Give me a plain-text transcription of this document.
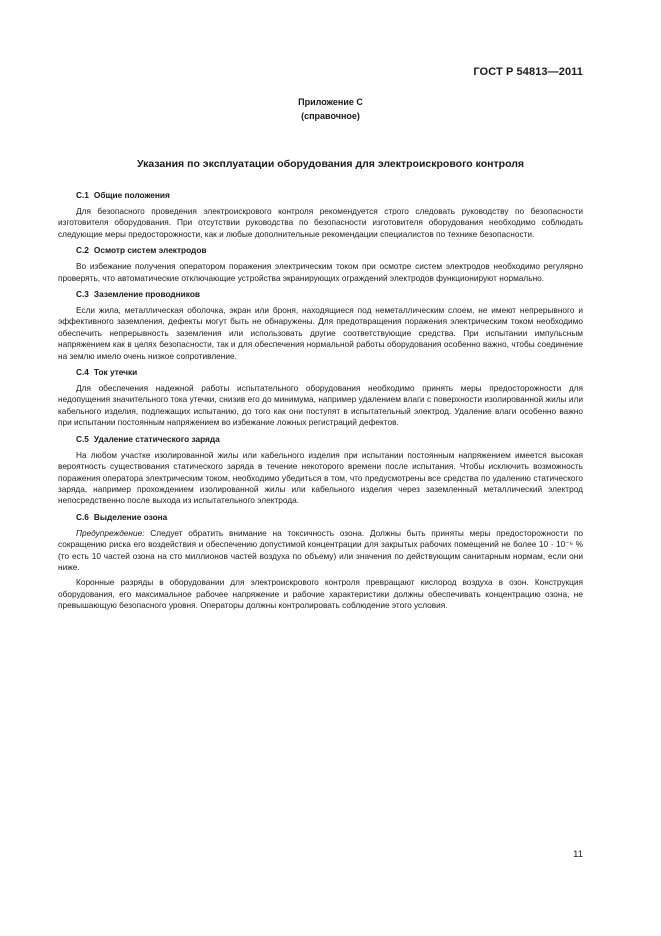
ГОСТ Р 54813—2011
Приложение С
(справочное)
Указания по эксплуатации оборудования для электроискрового контроля
С.1 Общие положения

Для безопасного проведения электроискрового контроля рекомендуется строго следовать руководству по безопасности изготовителя оборудования. При отсутствии руководства по безопасности изготовителя оборудования необходимо соблюдать следующие меры предосторожности, как и любые дополнительные рекомендации специалистов по технике безопасности.

С.2 Осмотр систем электродов

Во избежание получения оператором поражения электрическим током при осмотре систем электродов необходимо регулярно проверять, что автоматические отключающие устройства экранирующих ограждений электродов функционируют нормально.

С.3 Заземление проводников

Если жила, металлическая оболочка, экран или броня, находящиеся под неметаллическим слоем, не имеют непрерывного и эффективного заземления, дефекты могут быть не обнаружены. Для предотвращения поражения электрическим током необходимо обеспечить непрерывность заземления или использовать другие соответствующие средства. При испытании импульсным напряжением как в целях безопасности, так и для обеспечения нормальной работы оборудования особенно важно, чтобы соединение на землю имело очень низкое сопротивление.

С.4 Ток утечки

Для обеспечения надежной работы испытательного оборудования необходимо принять меры предосторожности для недопущения значительного тока утечки, снизив его до минимума, например удалением влаги с поверхности изолированной жилы или кабельного изделия, подлежащих испытанию, до того как они поступят в испытательный электрод. Удаление влаги особенно важно при испытании постоянным напряжением во избежание ложных регистраций дефектов.

С.5 Удаление статического заряда

На любом участке изолированной жилы или кабельного изделия при испытании постоянным напряжением имеется высокая вероятность существования статического заряда в течение некоторого времени после испытания. Чтобы исключить возможность поражения оператора электрическим током, необходимо убедиться в том, что предусмотрены все средства по удалению статического заряда, например прохождением изолированной жилы или кабельного изделия через заземленный металлический электрод непосредственно после выхода из испытательного электрода.

С.6 Выделение озона

Предупреждение: Следует обратить внимание на токсичность озона. Должны быть приняты меры предосторожности по сокращению риска его воздействия и обеспечению допустимой концентрации для закрытых рабочих помещений не более 10 · 10⁻⁶ % (то есть 10 частей озона на сто миллионов частей воздуха по объему) или значения по действующим санитарным нормам, если они ниже.

Коронные разряды в оборудовании для электроискрового контроля превращают кислород воздуха в озон. Конструкция оборудования, его максимальное рабочее напряжение и рабочие характеристики должны обеспечивать концентрацию озона, не превышающую безопасного уровня. Операторы должны контролировать соблюдение этого условия.

11
